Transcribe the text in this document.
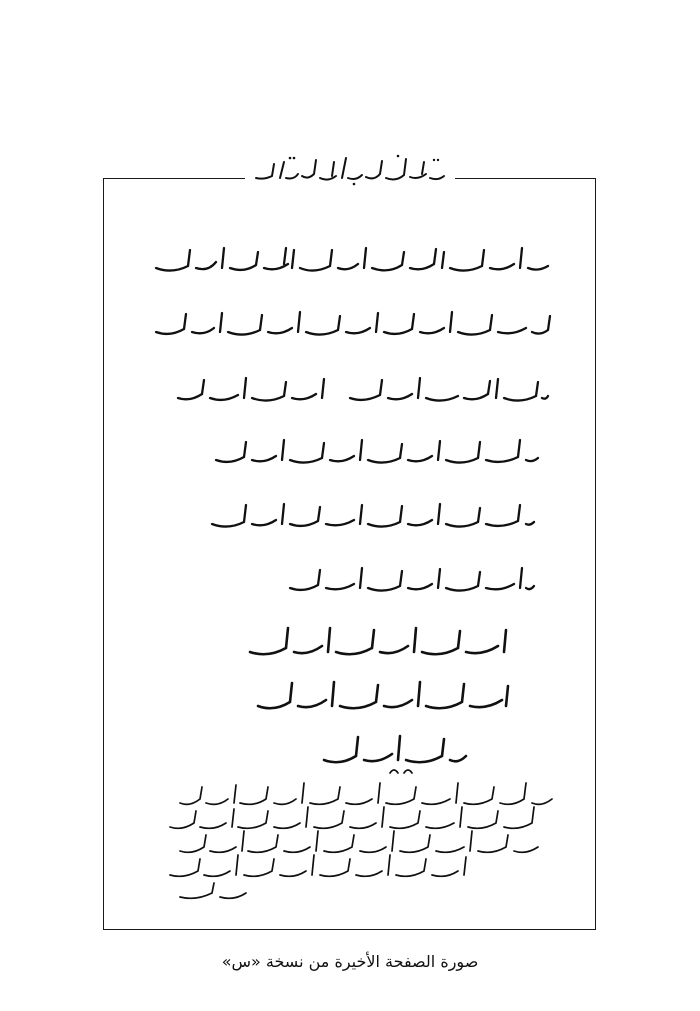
صورة الصفحة الأخيرة من نسخة «س»
